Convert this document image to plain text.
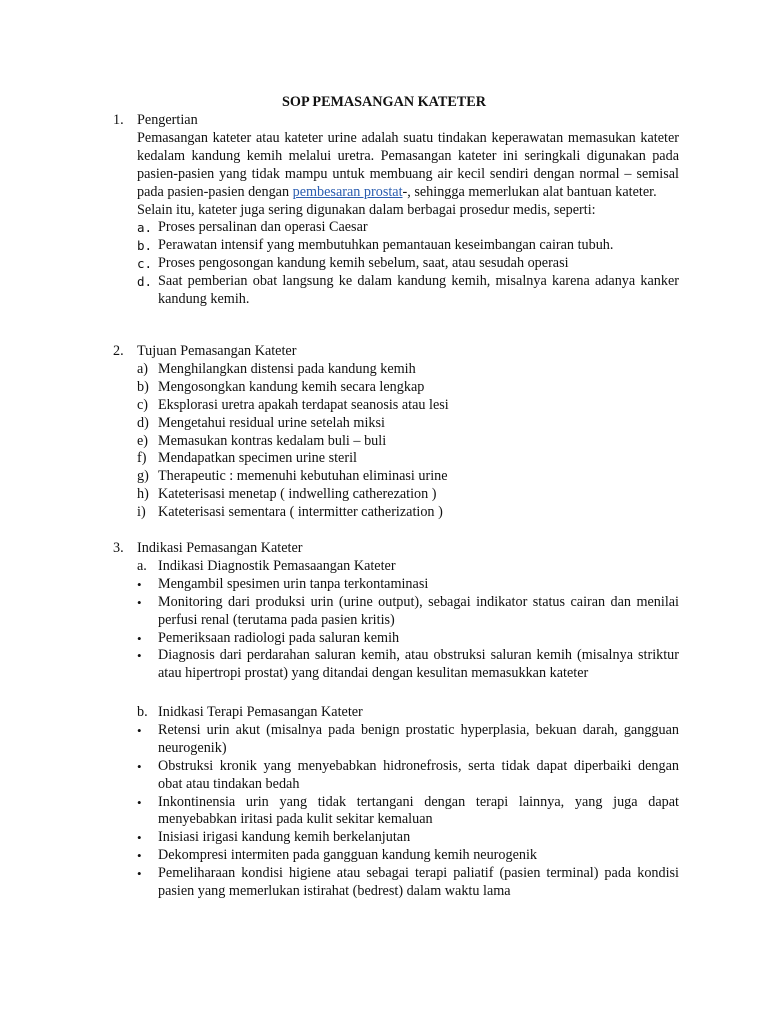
SOP PEMASANGAN KATETER
1. Pengertian
Pemasangan kateter atau kateter urine adalah suatu tindakan keperawatan memasukan kateter kedalam kandung kemih melalui uretra. Pemasangan kateter ini seringkali digunakan pada pasien-pasien yang tidak mampu untuk membuang air kecil sendiri dengan normal – semisal pada pasien-pasien dengan pembesaran prostat-, sehingga memerlukan alat bantuan kateter.
Selain itu, kateter juga sering digunakan dalam berbagai prosedur medis, seperti:
a. Proses persalinan dan operasi Caesar
b. Perawatan intensif yang membutuhkan pemantauan keseimbangan cairan tubuh.
c. Proses pengosongan kandung kemih sebelum, saat, atau sesudah operasi
d. Saat pemberian obat langsung ke dalam kandung kemih, misalnya karena adanya kanker kandung kemih.
2. Tujuan Pemasangan Kateter
a) Menghilangkan distensi pada kandung kemih
b) Mengosongkan kandung kemih secara lengkap
c) Eksplorasi uretra apakah terdapat seanosis atau lesi
d) Mengetahui residual urine setelah miksi
e) Memasukan kontras kedalam buli – buli
f) Mendapatkan specimen urine steril
g) Therapeutic : memenuhi kebutuhan eliminasi urine
h) Kateterisasi menetap ( indwelling catherezation )
i) Kateterisasi sementara ( intermitter catherization )
3. Indikasi Pemasangan Kateter
a. Indikasi Diagnostik Pemasaangan Kateter
• Mengambil spesimen urin tanpa terkontaminasi
• Monitoring dari produksi urin (urine output), sebagai indikator status cairan dan menilai perfusi renal (terutama pada pasien kritis)
• Pemeriksaan radiologi pada saluran kemih
• Diagnosis dari perdarahan saluran kemih, atau obstruksi saluran kemih (misalnya striktur atau hipertropi prostat) yang ditandai dengan kesulitan memasukkan kateter
b. Inidkasi Terapi Pemasangan Kateter
• Retensi urin akut (misalnya pada benign prostatic hyperplasia, bekuan darah, gangguan neurogenik)
• Obstruksi kronik yang menyebabkan hidronefrosis, serta tidak dapat diperbaiki dengan obat atau tindakan bedah
• Inkontinensia urin yang tidak tertangani dengan terapi lainnya, yang juga dapat menyebabkan iritasi pada kulit sekitar kemaluan
• Inisiasi irigasi kandung kemih berkelanjutan
• Dekompresi intermiten pada gangguan kandung kemih neurogenik
• Pemeliharaan kondisi higiene atau sebagai terapi paliatif (pasien terminal) pada kondisi pasien yang memerlukan istirahat (bedrest) dalam waktu lama
